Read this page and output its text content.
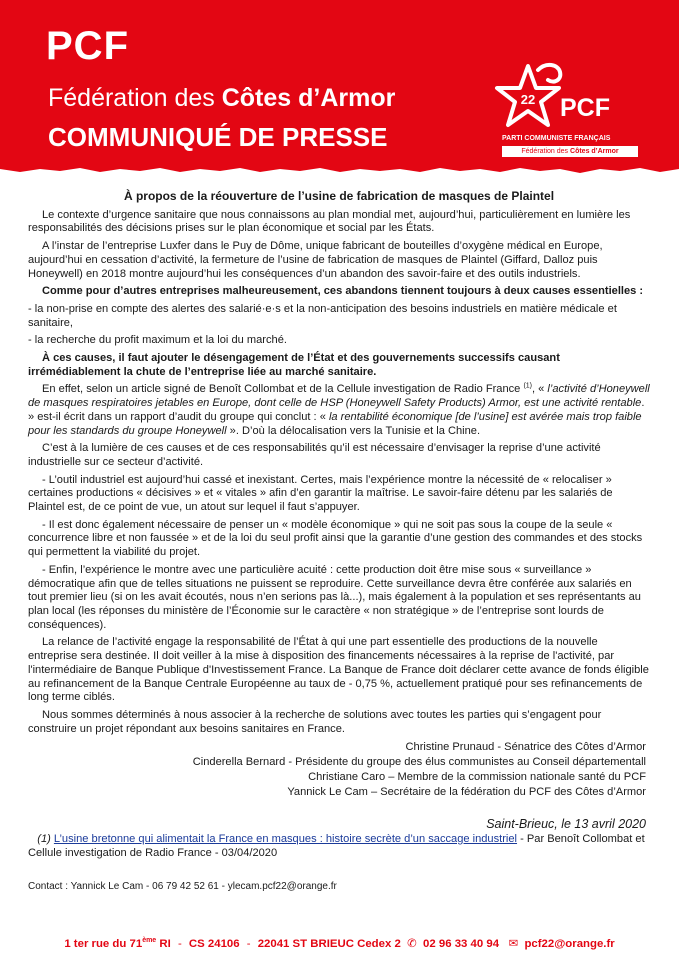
PCF
Fédération des Côtes d’Armor
COMMUNIQUÉ DE PRESSE
22 PCF
PARTI COMMUNISTE FRANÇAIS
Fédération des Côtes d’Armor
À propos de la réouverture de l’usine de fabrication de masques de Plaintel

Le contexte d’urgence sanitaire que nous connaissons au plan mondial met, aujourd’hui, particulièrement en lumière les responsabilités des décisions prises sur le plan économique et social par les États.

A l’instar de l’entreprise Luxfer dans le Puy de Dôme, unique fabricant de bouteilles d’oxygène médical en Europe, aujourd’hui en cessation d’activité, la fermeture de l’usine de fabrication de masques de Plaintel (Giffard, Dalloz puis Honeywell) en 2018 montre aujourd’hui les conséquences d’un abandon des savoir-faire et des outils industriels.

Comme pour d’autres entreprises malheureusement, ces abandons tiennent toujours à deux causes essentielles :

- la non-prise en compte des alertes des salarié·e·s et la non-anticipation des besoins industriels en matière médicale et sanitaire,

- la recherche du profit maximum et la loi du marché.

À ces causes, il faut ajouter le désengagement de l’État et des gouvernements successifs causant irrémédiablement la chute de l’entreprise liée au marché sanitaire.

En effet, selon un article signé de Benoît Collombat et de la Cellule investigation de Radio France $^{(1)}$, « l’activité d’Honeywell de masques respiratoires jetables en Europe, dont celle de HSP (Honeywell Safety Products) Armor, est une activité rentable. » est-il écrit dans un rapport d’audit du groupe qui conclut : « la rentabilité économique [de l’usine] est avérée mais trop faible pour les standards du groupe Honeywell ». D’où la délocalisation vers la Tunisie et la Chine.

C’est à la lumière de ces causes et de ces responsabilités qu’il est nécessaire d’envisager la reprise d’une activité industrielle sur ce secteur d’activité.

- L’outil industriel est aujourd’hui cassé et inexistant. Certes, mais l’expérience montre la nécessité de « relocaliser » certaines productions « décisives » et « vitales » afin d’en garantir la maîtrise. Le savoir-faire détenu par les salariés de Plaintel est, de ce point de vue, un atout sur lequel il faut s’appuyer.

- Il est donc également nécessaire de penser un « modèle économique » qui ne soit pas sous la coupe de la seule « concurrence libre et non faussée » et de la loi du seul profit ainsi que la garantie d’une gestion des commandes et des stocks qui permettent la viabilité du projet.

- Enfin, l’expérience le montre avec une particulière acuité : cette production doit être mise sous « surveillance » démocratique afin que de telles situations ne puissent se reproduire. Cette surveillance devra être conférée aux salariés en tout premier lieu (si on les avait écoutés, nous n’en serions pas là...), mais également à la population et ses représentants au plan local (les réponses du ministère de l’Économie sur le caractère « non stratégique » de l’entreprise sont lourds de conséquences).

La relance de l’activité engage la responsabilité de l’État à qui une part essentielle des productions de la nouvelle entreprise sera destinée. Il doit veiller à la mise à disposition des financements nécessaires à la reprise de l'activité, par l'intermédiaire de Banque Publique d'Investissement France. La Banque de France doit déclarer cette avance de fonds éligible au refinancement de la Banque Centrale Européenne au taux de - 0,75 %, actuellement pratiqué pour ses refinancements de long terme ciblés.

Nous sommes déterminés à nous associer à la recherche de solutions avec toutes les parties qui s’engagent pour construire un projet répondant aux besoins sanitaires en France.

Christine Prunaud - Sénatrice des Côtes d’Armor
Cinderella Bernard - Présidente du groupe des élus communistes au Conseil départementall
Christiane Caro – Membre de la commission nationale santé du PCF
Yannick Le Cam – Secrétaire de la fédération du PCF des Côtes d’Armor
Saint-Brieuc, le 13 avril 2020
(1) L’usine bretonne qui alimentait la France en masques : histoire secrète d’un saccage industriel - Par Benoît Collombat et Cellule investigation de Radio France - 03/04/2020
Contact : Yannick Le Cam - 06 79 42 52 61 - ylecam.pcf22@orange.fr
1 ter rue du 71ème RI - CS 24106 - 22041 ST BRIEUC Cedex 2  ✆  02 96 33 40 94   ✉  pcf22@orange.fr
